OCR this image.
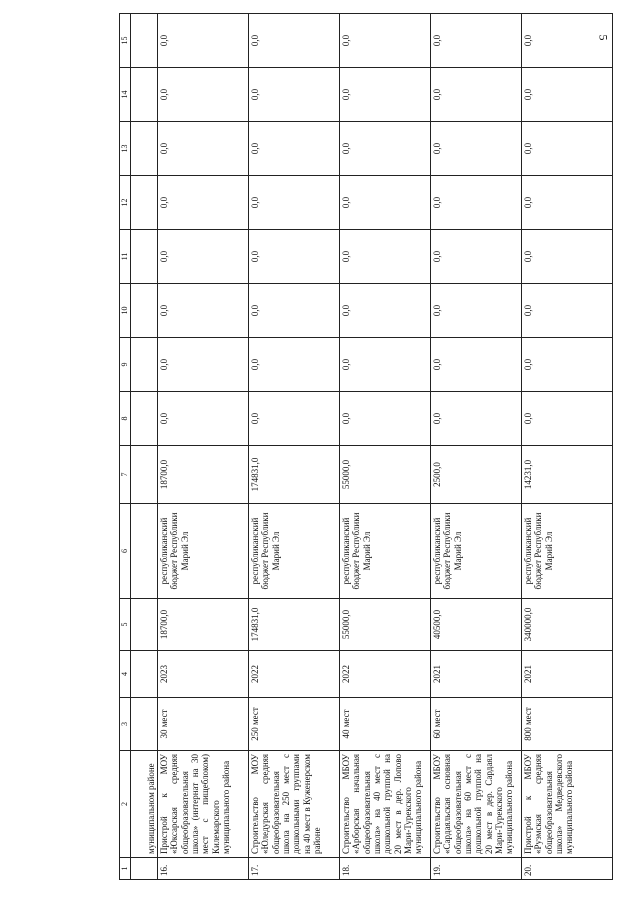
5
1	2	3	4	5	6	7	8	9	10	11	12	13	14	15
	муниципальном районе													
16.	Пристрой к МОУ «Юксарская средняя общеобразовательная школа» (интернат на 30 мест с пищеблоком) Килемарского муниципального района	30 мест	2023	18700,0	республиканский бюджет Республики Марий Эл	18700,0	0,0	0,0	0,0	0,0	0,0	0,0	0,0	0,0
17.	Строительство МОУ «Юледурская средняя общеобразовательная школа на 250 мест с дошкольными группами на 40 мест в Куженерском районе	250 мест	2022	174831,0	республиканский бюджет Республики Марий Эл	174831,0	0,0	0,0	0,0	0,0	0,0	0,0	0,0	0,0
18.	Строительство МБОУ «Арборская начальная общеобразовательная школа» на 40 мест с дошкольной группой на 20 мест в дер. Лопово Мари-Турекского муниципального района	40 мест	2022	55000,0	республиканский бюджет Республики Марий Эл	55000,0	0,0	0,0	0,0	0,0	0,0	0,0	0,0	0,0
19.	Строительство МБОУ «Сардаяльская основная общеобразовательная школа» на 60 мест с дошкольной группой на 20 мест в дер. Сардаял Мари-Турекского муниципального района	60 мест	2021	40500,0	республиканский бюджет Республики Марий Эл	2500,0	0,0	0,0	0,0	0,0	0,0	0,0	0,0	0,0
20.	Пристрой к МБОУ «Руэмская средняя общеобразовательная школа» Медведевского муниципального района	800 мест	2021	340000,0	республиканский бюджет Республики Марий Эл	14231,0	0,0	0,0	0,0	0,0	0,0	0,0	0,0	0,0
